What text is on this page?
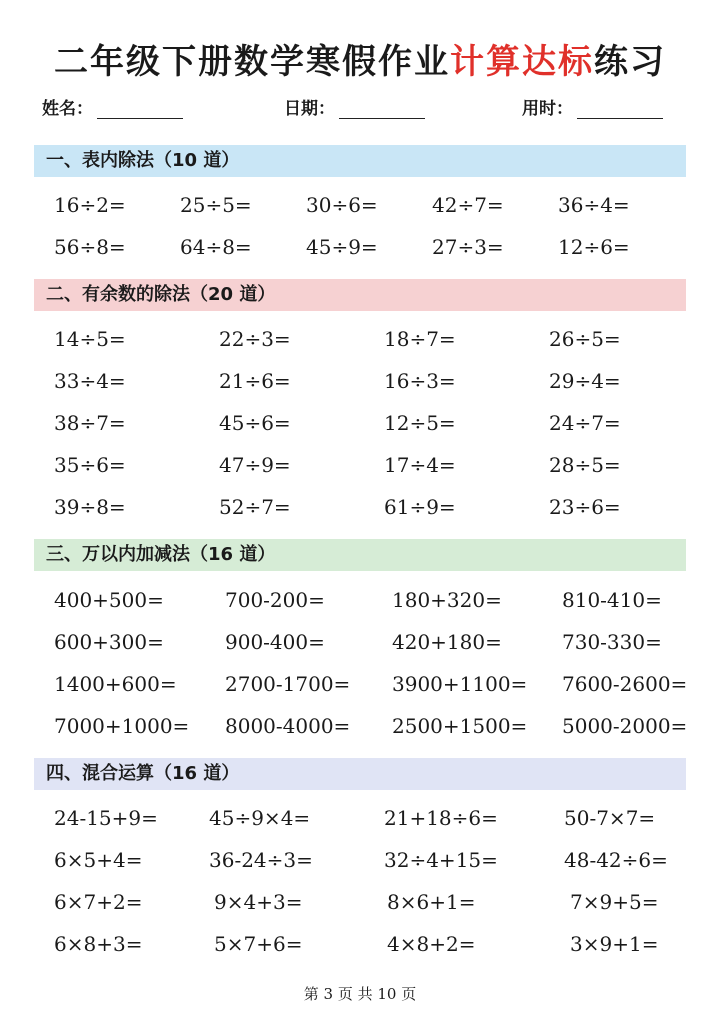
二年级下册数学寒假作业计算达标练习
姓名：	日期：	用时：
一、表内除法（10 道）
16÷2=	25÷5=	30÷6=	42÷7=	36÷4=
56÷8=	64÷8=	45÷9=	27÷3=	12÷6=
二、有余数的除法（20 道）
14÷5=	22÷3=	18÷7=	26÷5=
33÷4=	21÷6=	16÷3=	29÷4=
38÷7=	45÷6=	12÷5=	24÷7=
35÷6=	47÷9=	17÷4=	28÷5=
39÷8=	52÷7=	61÷9=	23÷6=
三、万以内加减法（16 道）
400+500=	700-200=	180+320=	810-410=
600+300=	900-400=	420+180=	730-330=
1400+600= 2700-1700= 3900+1100= 7600-2600=
7000+1000= 8000-4000= 2500+1500= 5000-2000=
四、混合运算（16 道）
24-15+9=	45÷9×4=	21+18÷6=	50-7×7=
6×5+4=	36-24÷3=	32÷4+15=	48-42÷6=
6×7+2=	9×4+3=	8×6+1=	7×9+5=
6×8+3=	5×7+6=	4×8+2=	3×9+1=
第 3 页 共 10 页
